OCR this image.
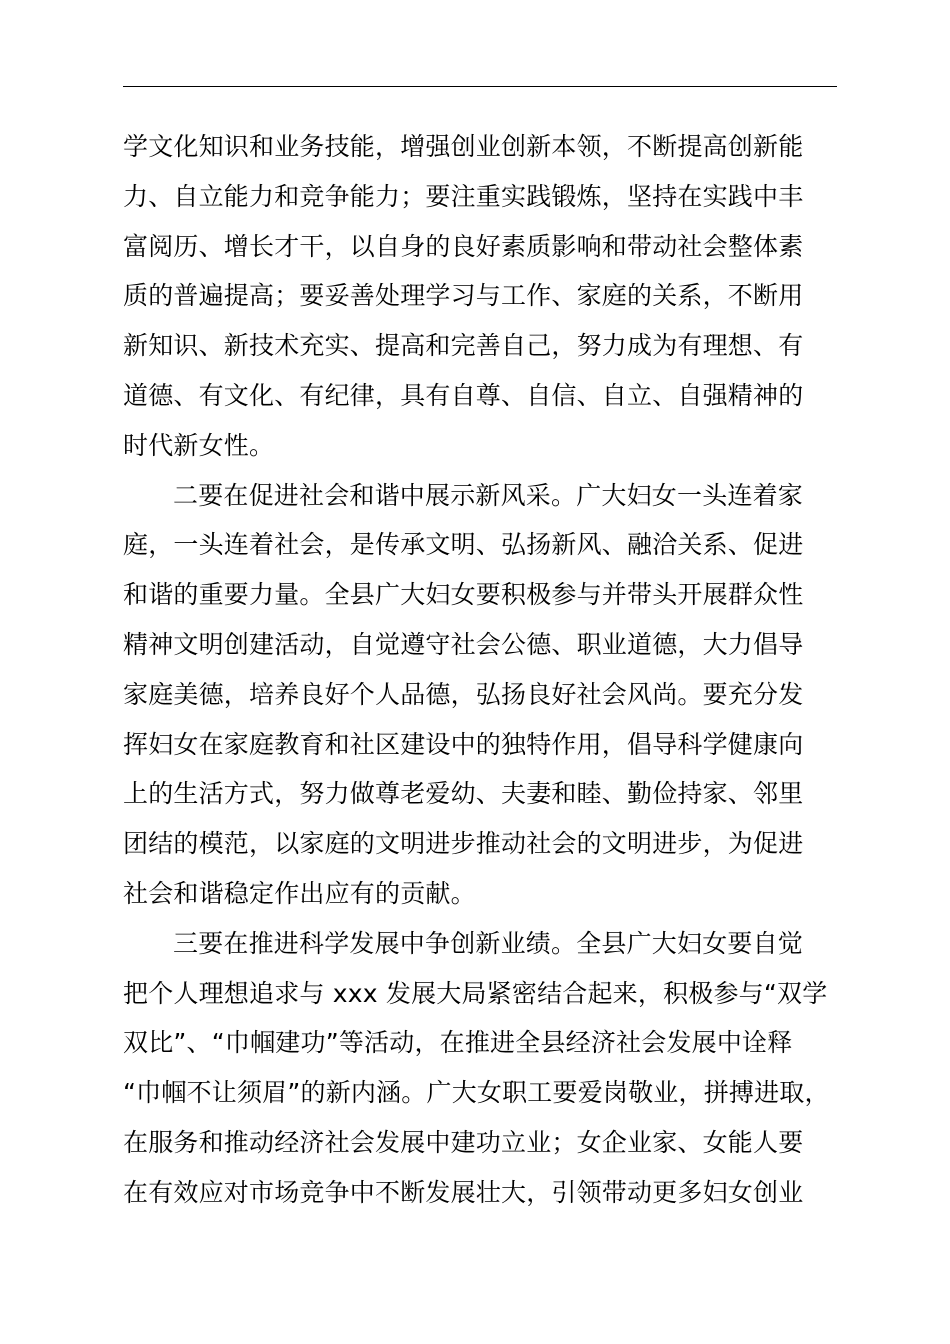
学文化知识和业务技能，增强创业创新本领，不断提高创新能
力、自立能力和竞争能力；要注重实践锻炼，坚持在实践中丰
富阅历、增长才干，以自身的良好素质影响和带动社会整体素
质的普遍提高；要妥善处理学习与工作、家庭的关系，不断用
新知识、新技术充实、提高和完善自己，努力成为有理想、有
道德、有文化、有纪律，具有自尊、自信、自立、自强精神的
时代新女性。
二要在促进社会和谐中展示新风采。广大妇女一头连着家
庭，一头连着社会，是传承文明、弘扬新风、融洽关系、促进
和谐的重要力量。全县广大妇女要积极参与并带头开展群众性
精神文明创建活动，自觉遵守社会公德、职业道德，大力倡导
家庭美德，培养良好个人品德，弘扬良好社会风尚。要充分发
挥妇女在家庭教育和社区建设中的独特作用，倡导科学健康向
上的生活方式，努力做尊老爱幼、夫妻和睦、勤俭持家、邻里
团结的模范，以家庭的文明进步推动社会的文明进步，为促进
社会和谐稳定作出应有的贡献。
三要在推进科学发展中争创新业绩。全县广大妇女要自觉
把个人理想追求与 xxx 发展大局紧密结合起来，积极参与“双学
双比”、“巾帼建功”等活动，在推进全县经济社会发展中诠释
“巾帼不让须眉”的新内涵。广大女职工要爱岗敬业，拼搏进取，
在服务和推动经济社会发展中建功立业；女企业家、女能人要
在有效应对市场竞争中不断发展壮大，引领带动更多妇女创业
